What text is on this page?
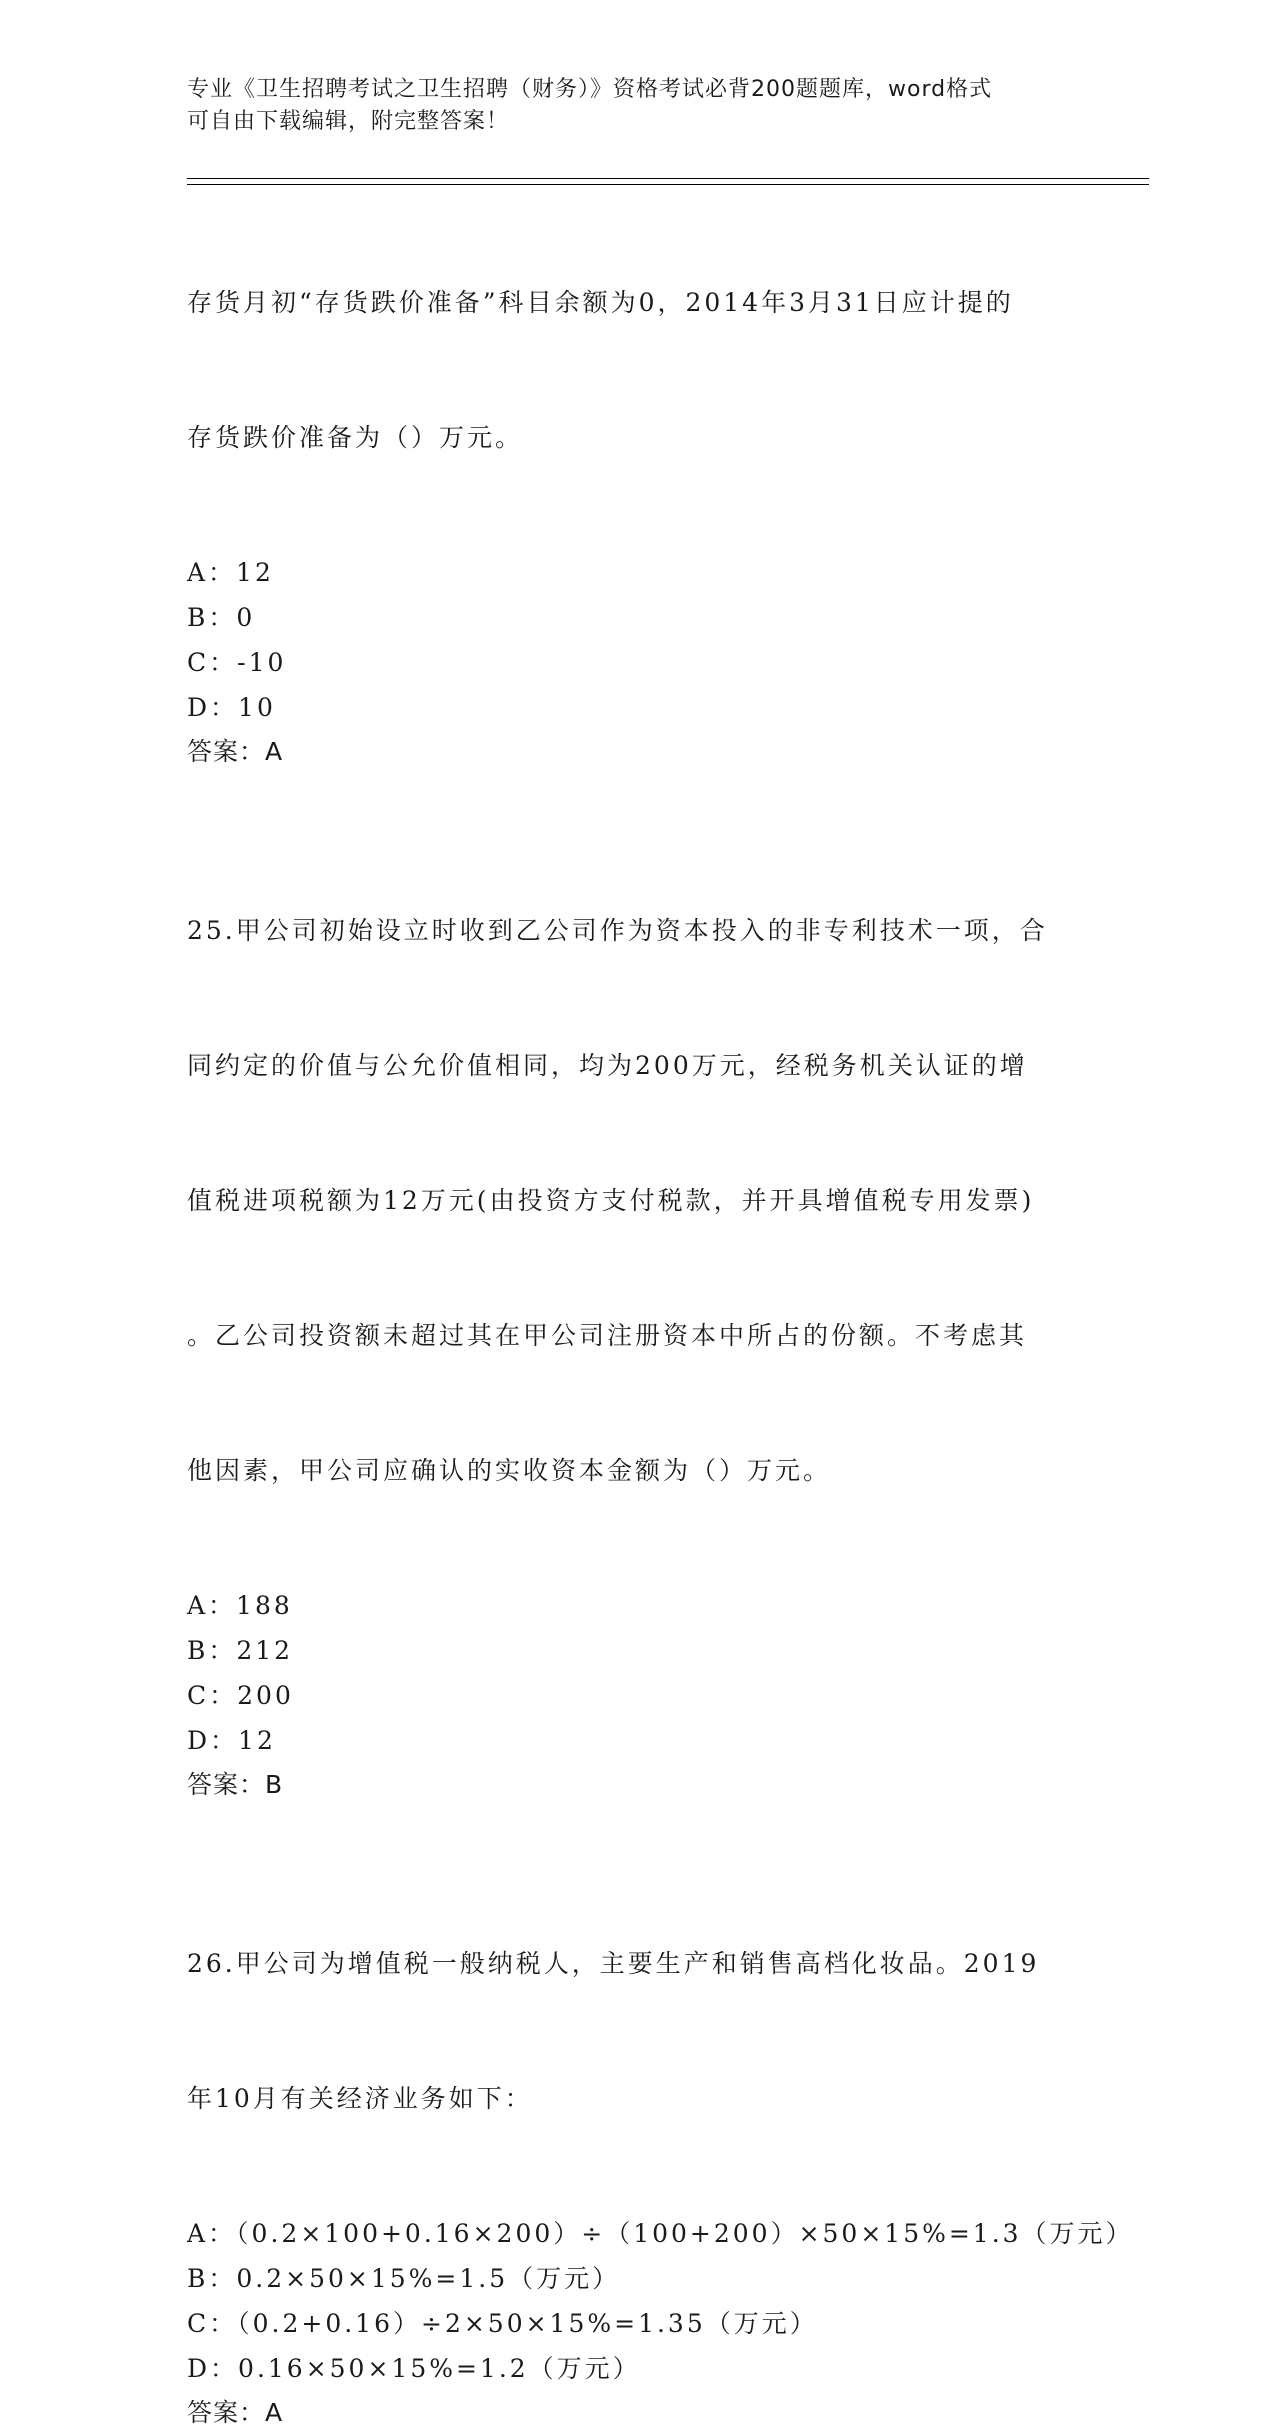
专业《卫生招聘考试之卫生招聘（财务）》资格考试必背200题题库，word格式
可自由下载编辑，附完整答案！

存货月初“存货跌价准备”科目余额为0，2014年3月31日应计提的

存货跌价准备为（）万元。

A：12
B：0
C：-10
D：10
答案：A

25.甲公司初始设立时收到乙公司作为资本投入的非专利技术一项，合

同约定的价值与公允价值相同，均为200万元，经税务机关认证的增

值税进项税额为12万元(由投资方支付税款，并开具增值税专用发票)

。乙公司投资额未超过其在甲公司注册资本中所占的份额。不考虑其

他因素，甲公司应确认的实收资本金额为（）万元。

A：188
B：212
C：200
D：12
答案：B

26.甲公司为增值税一般纳税人，主要生产和销售高档化妆品。2019

年10月有关经济业务如下：

A：（0.2×100+0.16×200）÷（100+200）×50×15%=1.3（万元）
B：0.2×50×15%=1.5（万元）
C：（0.2+0.16）÷2×50×15%=1.35（万元）
D：0.16×50×15%=1.2（万元）
答案：A
